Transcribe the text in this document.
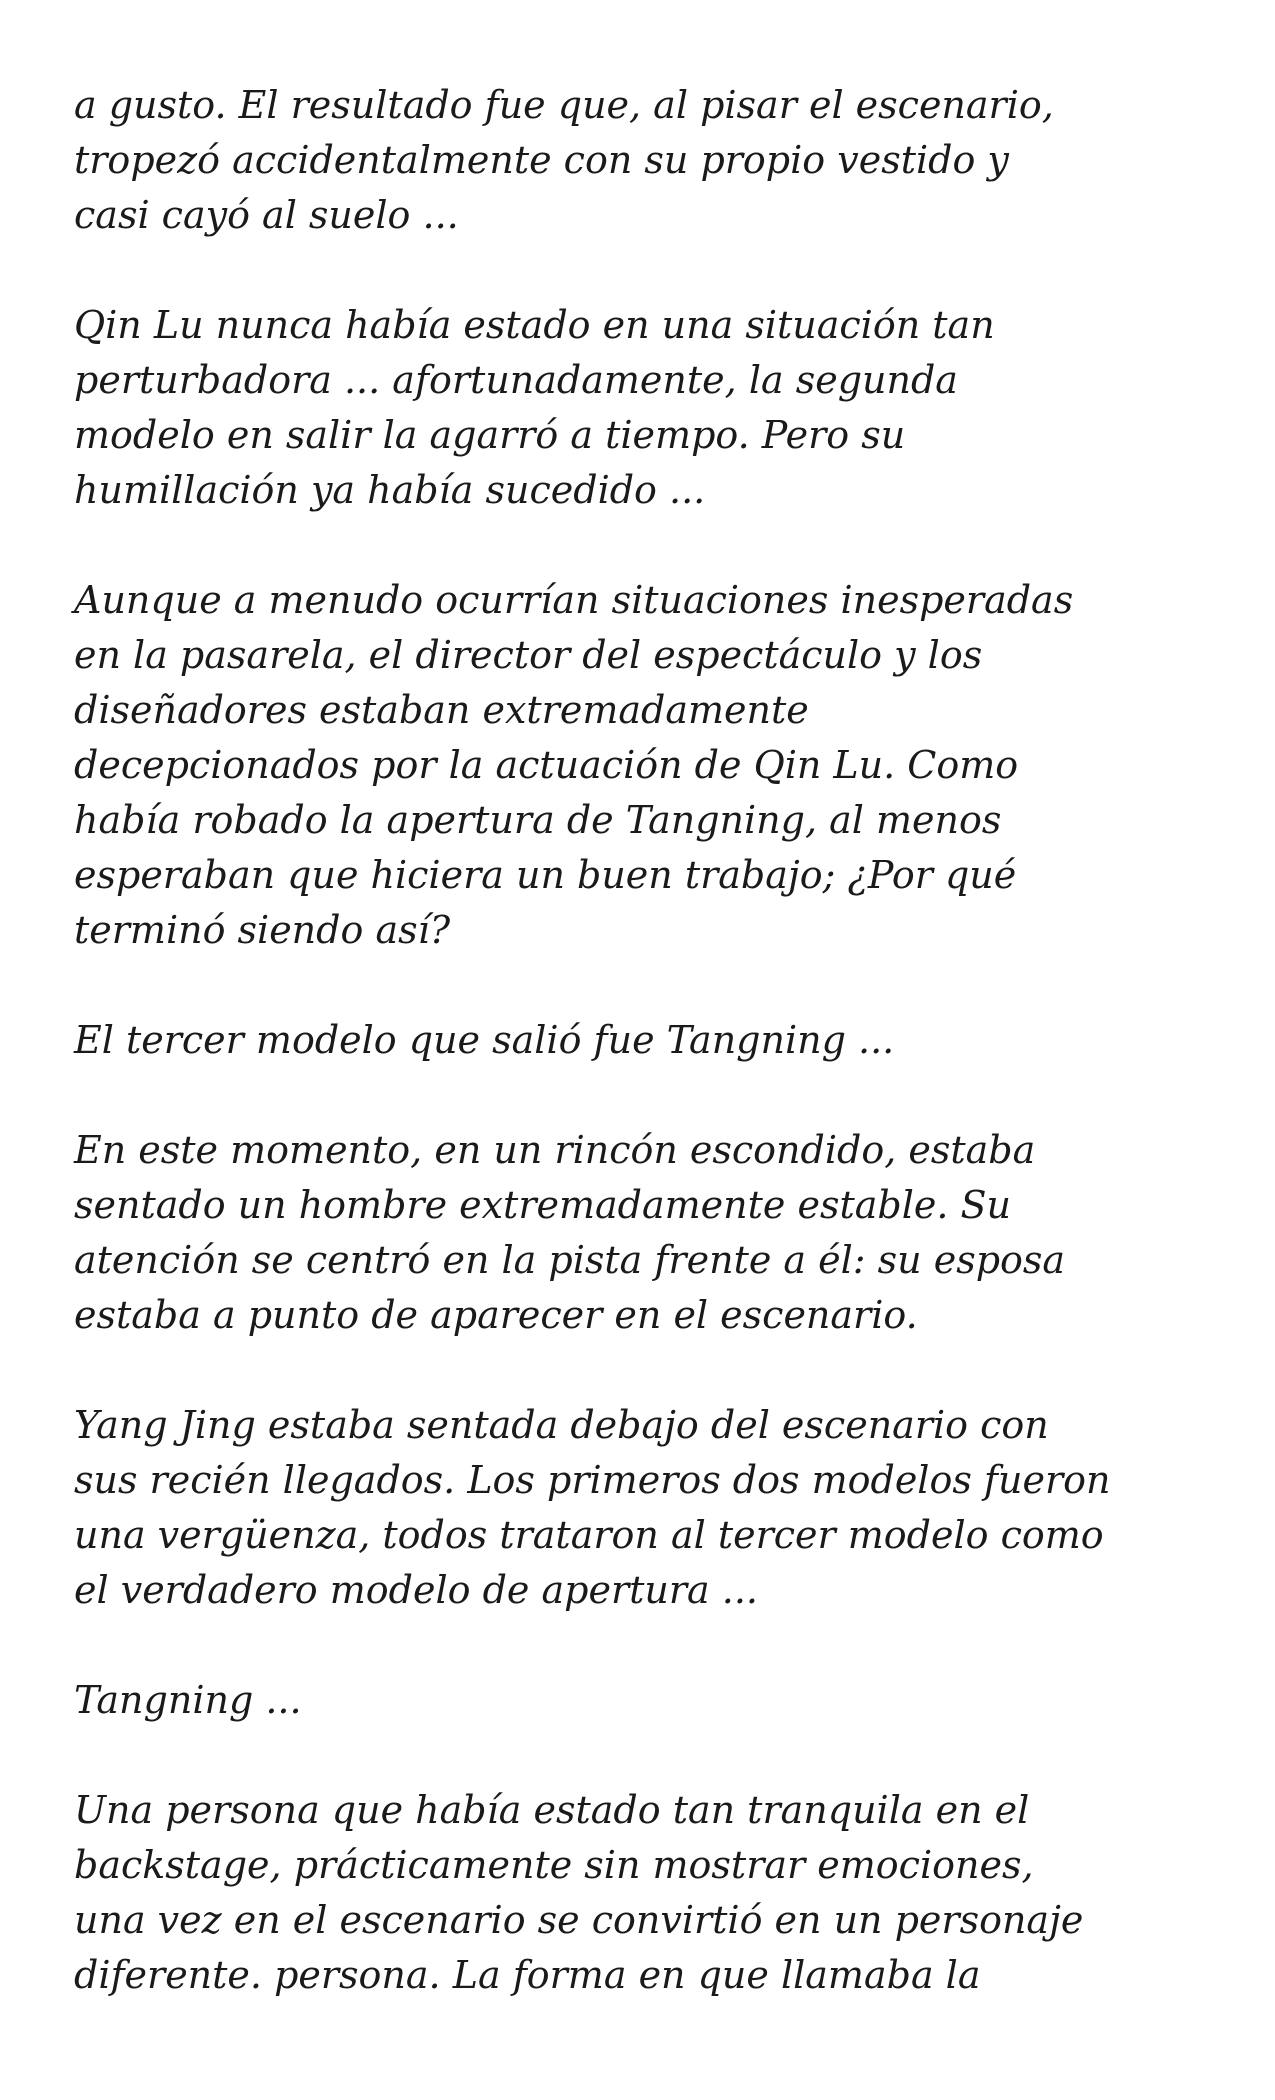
a gusto. El resultado fue que, al pisar el escenario,
tropezó accidentalmente con su propio vestido y
casi cayó al suelo ...

Qin Lu nunca había estado en una situación tan
perturbadora ... afortunadamente, la segunda
modelo en salir la agarró a tiempo. Pero su
humillación ya había sucedido ...

Aunque a menudo ocurrían situaciones inesperadas
en la pasarela, el director del espectáculo y los
diseñadores estaban extremadamente
decepcionados por la actuación de Qin Lu. Como
había robado la apertura de Tangning, al menos
esperaban que hiciera un buen trabajo; ¿Por qué
terminó siendo así?

El tercer modelo que salió fue Tangning ...

En este momento, en un rincón escondido, estaba
sentado un hombre extremadamente estable. Su
atención se centró en la pista frente a él: su esposa
estaba a punto de aparecer en el escenario.

Yang Jing estaba sentada debajo del escenario con
sus recién llegados. Los primeros dos modelos fueron
una vergüenza, todos trataron al tercer modelo como
el verdadero modelo de apertura ...

Tangning ...

Una persona que había estado tan tranquila en el
backstage, prácticamente sin mostrar emociones,
una vez en el escenario se convirtió en un personaje
diferente. persona. La forma en que llamaba la
